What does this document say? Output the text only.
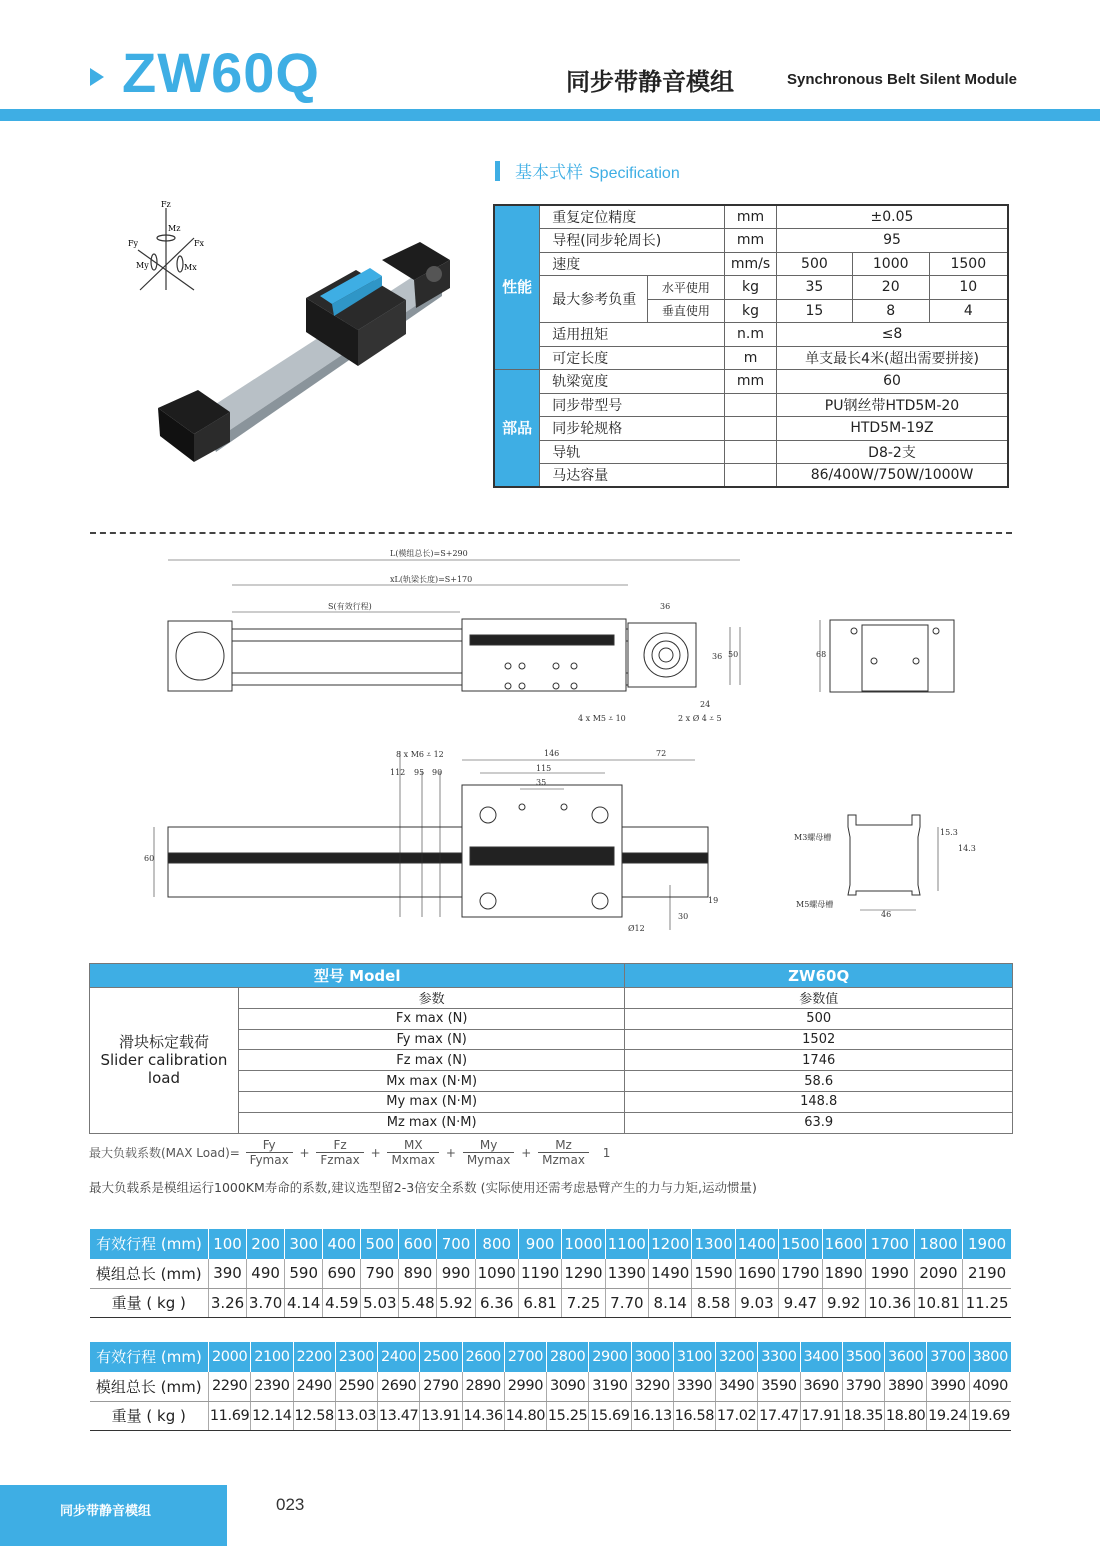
ZW60Q	同步带静音模组	Synchronous Belt Silent Module
Fz
Mz
Fy	Fx
My	Mx
基本式样 Specification
性能	重复定位精度		mm	±0.05		
	导程(同步轮周长)		mm	95		
	速度		mm/s	500	1000	1500
	最大参考负重	水平使用	kg	35	20	10
		垂直使用	kg	15	8	4
	适用扭矩		n.m	≤8		
	可定长度		m	单支最长4米(超出需要拼接)		
部品	轨梁宽度		mm	60		
	同步带型号			PU钢丝带HTD5M-20		
	同步轮规格			HTD5M-19Z		
	导轨			D8-2支		
	马达容量			86/400W/750W/1000W		
L(模组总长)=S+290
xL(轨梁长度)=S+170
S(有效行程)	36
36 50
24
4 x M5 ⩡ 10	2 x Ø 4 ⩡ 5
68
8 x M6 ⩡ 12	146
115
35
72
112 95 90
60
19
30
Ø12
M3螺母槽
M5螺母槽
46
15.3
14.3
型号 Model		ZW60Q

滑块标定载荷
Slider calibration
load	参数	参数值
	Fx max (N)	500
	Fy max (N)	1502
	Fz max (N)	1746
	Mx max (N·M)	58.6
	My max (N·M)	148.8
	Mz max (N·M)	63.9
最大负载系数(MAX Load)= $\frac{Fy}{Fymax} + \frac{Fz}{Fzmax} + \frac{MX}{Mxmax} + \frac{My}{Mymax} + \frac{Mz}{Mzmax} 1$
最大负载系是模组运行1000KM寿命的系数,建议选型留2-3倍安全系数 (实际使用还需考虑悬臂产生的力与力矩,运动惯量)
有效行程 (mm)	100	200	300	400	500	600	700	800	900	1000	1100	1200	1300	1400	1500	1600	1700	1800	1900
模组总长 (mm)	390	490	590	690	790	890	990	1090	1190	1290	1390	1490	1590	1690	1790	1890	1990	2090	2190
重量 ( kg )	3.26	3.70	4.14	4.59	5.03	5.48	5.92	6.36	6.81	7.25	7.70	8.14	8.58	9.03	9.47	9.92	10.36	10.81	11.25
有效行程 (mm)	2000	2100	2200	2300	2400	2500	2600	2700	2800	2900	3000	3100	3200	3300	3400	3500	3600	3700	3800
模组总长 (mm)	2290	2390	2490	2590	2690	2790	2890	2990	3090	3190	3290	3390	3490	3590	3690	3790	3890	3990	4090
重量 ( kg )	11.69	12.14	12.58	13.03	13.47	13.91	14.36	14.80	15.25	15.69	16.13	16.58	17.02	17.47	17.91	18.35	18.80	19.24	19.69
同步带静音模组	023
